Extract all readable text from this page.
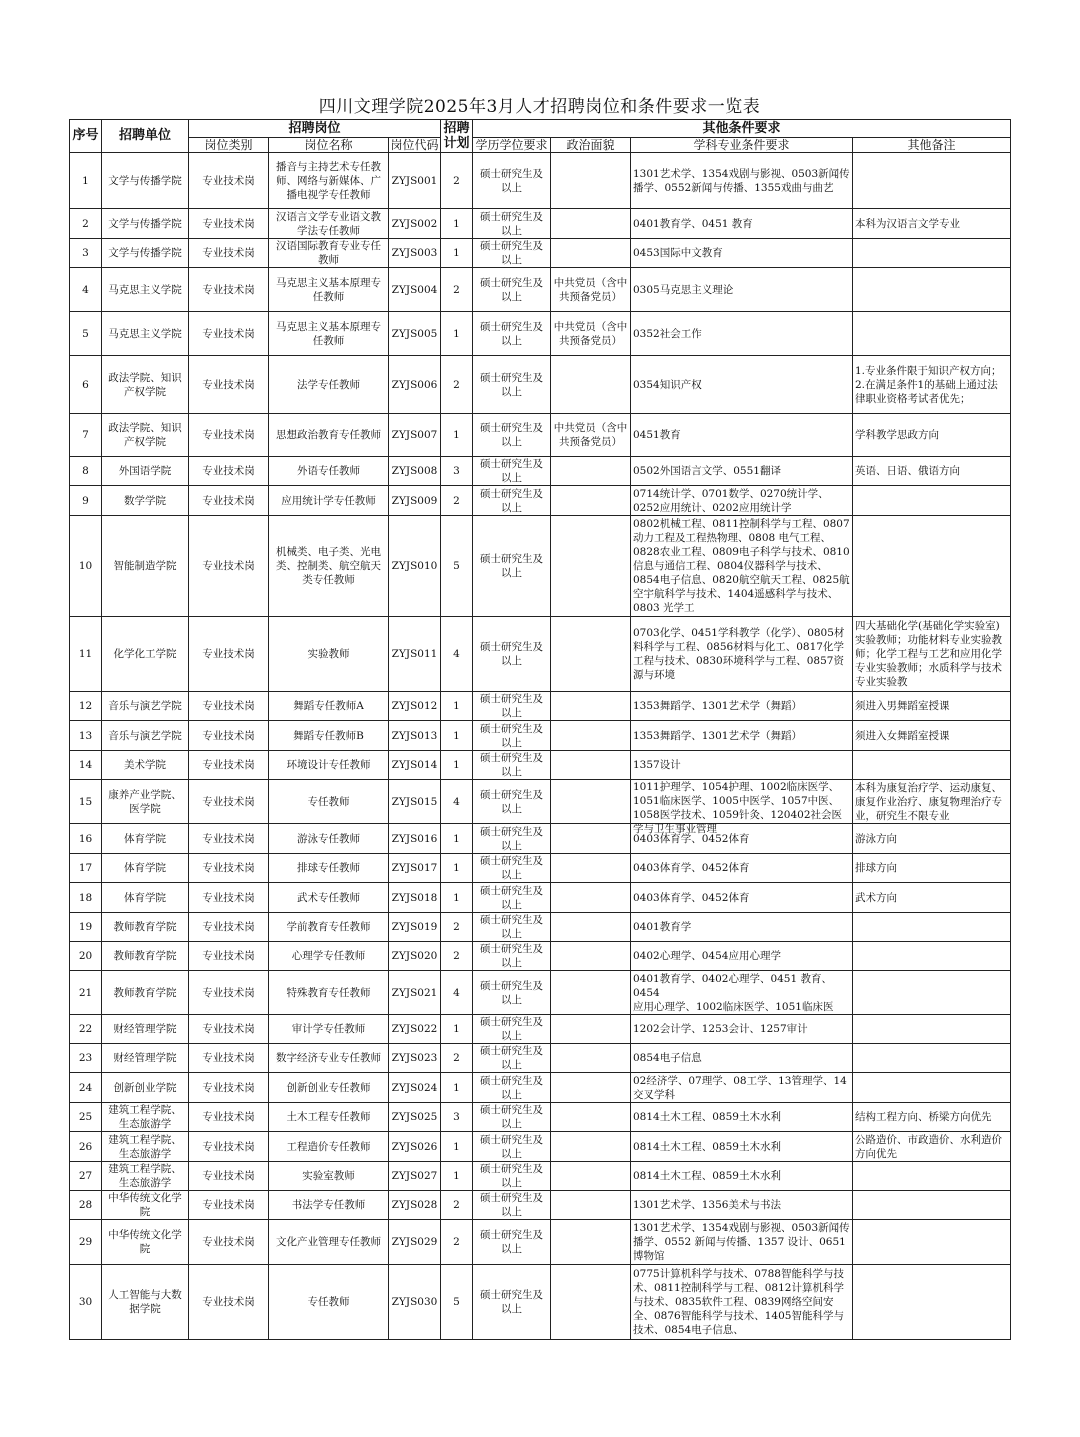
四川文理学院2025年3月人才招聘岗位和条件要求一览表
序号	招聘单位	招聘岗位			招聘计划	其他条件要求			
		岗位类别	岗位名称	岗位代码		学历学位要求	政治面貌	学科专业条件要求	其他备注

1	文学与传播学院	专业技术岗	播音与主持艺术专任教师、网络与新媒体、广播电视学专任教师	ZYJS001	2	硕士研究生及以上		1301艺术学、1354戏剧与影视、0503新闻传播学、0552新闻与传播、1355戏曲与曲艺	

2	文学与传播学院	专业技术岗	汉语言文学专业语文教学法专任教师	ZYJS002	1	硕士研究生及以上		0401教育学、0451 教育	本科为汉语言文学专业

3	文学与传播学院	专业技术岗	汉语国际教育专业专任教师	ZYJS003	1	硕士研究生及以上		0453国际中文教育	

4	马克思主义学院	专业技术岗	马克思主义基本原理专任教师	ZYJS004	2	硕士研究生及以上	中共党员（含中共预备党员）	0305马克思主义理论	

5	马克思主义学院	专业技术岗	马克思主义基本原理专任教师	ZYJS005	1	硕士研究生及以上	中共党员（含中共预备党员）	0352社会工作	

6	政法学院、知识产权学院	专业技术岗	法学专任教师	ZYJS006	2	硕士研究生及以上		0354知识产权	1.专业条件限于知识产权方向；
2.在满足条件1的基础上通过法律职业资格考试者优先；

7	政法学院、知识产权学院	专业技术岗	思想政治教育专任教师	ZYJS007	1	硕士研究生及以上	中共党员（含中共预备党员）	0451教育	学科教学思政方向

8	外国语学院	专业技术岗	外语专任教师	ZYJS008	3	硕士研究生及以上		0502外国语言文学、0551翻译	英语、日语、俄语方向

9	数学学院	专业技术岗	应用统计学专任教师	ZYJS009	2	硕士研究生及以上		0714统计学、0701数学、0270统计学、0252应用统计、0202应用统计学	

10	智能制造学院	专业技术岗	机械类、电子类、光电类、控制类、航空航天类专任教师	ZYJS010	5	硕士研究生及以上		0802机械工程、0811控制科学与工程、0807 动力工程及工程热物理、0808 电气工程、0828农业工程、0809电子科学与技术、0810信息与通信工程、0804仪器科学与技术、0854电子信息、0820航空航天工程、0825航空宇航科学与技术、1404遥感科学与技术、0803 光学工	

11	化学化工学院	专业技术岗	实验教师	ZYJS011	4	硕士研究生及以上		0703化学、0451学科教学（化学）、0805材料科学与工程、0856材料与化工、0817化学工程与技术、0830环境科学与工程、0857资源与环境	四大基础化学(基础化学实验室)实验教师；功能材料专业实验教师；化学工程与工艺和应用化学专业实验教师；水质科学与技术专业实验教

12	音乐与演艺学院	专业技术岗	舞蹈专任教师A	ZYJS012	1	硕士研究生及以上		1353舞蹈学、1301艺术学（舞蹈）	须进入男舞蹈室授课

13	音乐与演艺学院	专业技术岗	舞蹈专任教师B	ZYJS013	1	硕士研究生及以上		1353舞蹈学、1301艺术学（舞蹈）	须进入女舞蹈室授课

14	美术学院	专业技术岗	环境设计专任教师	ZYJS014	1	硕士研究生及以上		1357设计	

15	康养产业学院、医学院	专业技术岗	专任教师	ZYJS015	4	硕士研究生及以上		1011护理学、1054护理、1002临床医学、1051临床医学、1005中医学、1057中医、1058医学技术、1059针灸、120402社会医学与卫生事业管理	本科为康复治疗学、运动康复、康复作业治疗、康复物理治疗专业，研究生不限专业

16	体育学院	专业技术岗	游泳专任教师	ZYJS016	1	硕士研究生及以上		0403体育学、0452体育	游泳方向

17	体育学院	专业技术岗	排球专任教师	ZYJS017	1	硕士研究生及以上		0403体育学、0452体育	排球方向

18	体育学院	专业技术岗	武术专任教师	ZYJS018	1	硕士研究生及以上		0403体育学、0452体育	武术方向

19	教师教育学院	专业技术岗	学前教育专任教师	ZYJS019	2	硕士研究生及以上		0401教育学	

20	教师教育学院	专业技术岗	心理学专任教师	ZYJS020	2	硕士研究生及以上		0402心理学、0454应用心理学	

21	教师教育学院	专业技术岗	特殊教育专任教师	ZYJS021	4	硕士研究生及以上		0401教育学、0402心理学、0451 教育、0454
应用心理学、1002临床医学、1051临床医	

22	财经管理学院	专业技术岗	审计学专任教师	ZYJS022	1	硕士研究生及以上		1202会计学、1253会计、1257审计	

23	财经管理学院	专业技术岗	数字经济专业专任教师	ZYJS023	2	硕士研究生及以上		0854电子信息	

24	创新创业学院	专业技术岗	创新创业专任教师	ZYJS024	1	硕士研究生及以上		02经济学、07理学、08工学、13管理学、14交叉学科	

25	建筑工程学院、生态旅游学	专业技术岗	土木工程专任教师	ZYJS025	3	硕士研究生及以上		0814土木工程、0859土木水利	结构工程方向、桥梁方向优先

26	建筑工程学院、生态旅游学	专业技术岗	工程造价专任教师	ZYJS026	1	硕士研究生及以上		0814土木工程、0859土木水利	公路造价、市政造价、水利造价方向优先

27	建筑工程学院、生态旅游学	专业技术岗	实验室教师	ZYJS027	1	硕士研究生及以上		0814土木工程、0859土木水利	

28	中华传统文化学院	专业技术岗	书法学专任教师	ZYJS028	2	硕士研究生及以上		1301艺术学、1356美术与书法	

29	中华传统文化学院	专业技术岗	文化产业管理专任教师	ZYJS029	2	硕士研究生及以上		1301艺术学、1354戏剧与影视、0503新闻传播学、0552 新闻与传播、1357 设计、0651博物馆	

30	人工智能与大数据学院	专业技术岗	专任教师	ZYJS030	5	硕士研究生及以上		0775计算机科学与技术、0788智能科学与技术、0811控制科学与工程、0812计算机科学与技术、0835软件工程、0839网络空间安全、0876智能科学与技术、1405智能科学与技术、0854电子信息、	
